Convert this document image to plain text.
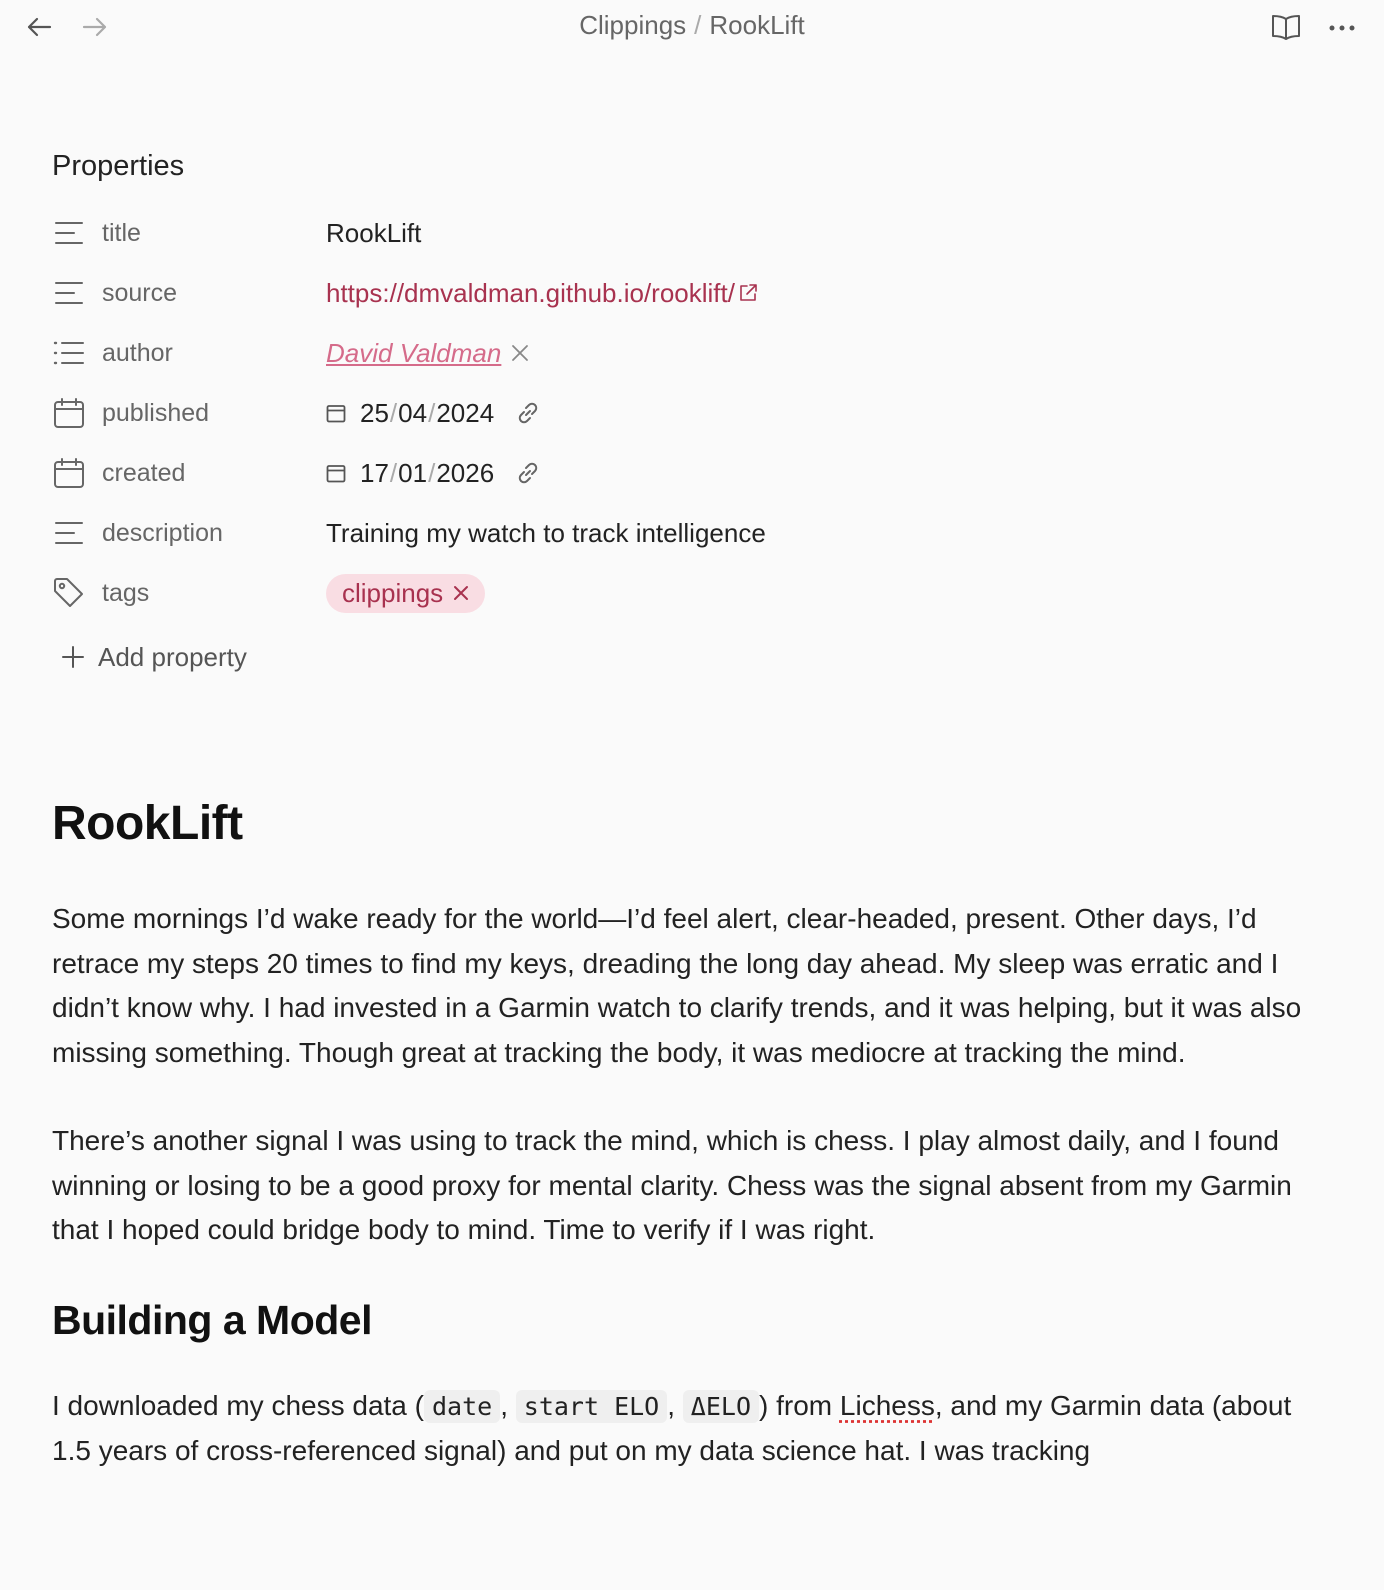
Clippings / RookLift
Properties
title	RookLift
source	https://dmvaldman.github.io/rooklift/
author	David Valdman
published	25 / 04 / 2024
created	17 / 01 / 2026
description	Training my watch to track intelligence
tags	clippings
Add property
RookLift

Some mornings I’d wake ready for the world—I’d feel alert, clear-headed, present. Other days, I’d retrace my steps 20 times to find my keys, dreading the long day ahead. My sleep was erratic and I didn’t know why. I had invested in a Garmin watch to clarify trends, and it was helping, but it was also missing something. Though great at tracking the body, it was mediocre at tracking the mind.

There’s another signal I was using to track the mind, which is chess. I play almost daily, and I found winning or losing to be a good proxy for mental clarity. Chess was the signal absent from my Garmin that I hoped could bridge body to mind. Time to verify if I was right.

Building a Model

I downloaded my chess data ( date , start ELO , ΔELO ) from Lichess, and my Garmin data (about 1.5 years of cross-referenced signal) and put on my data science hat. I was tracking
